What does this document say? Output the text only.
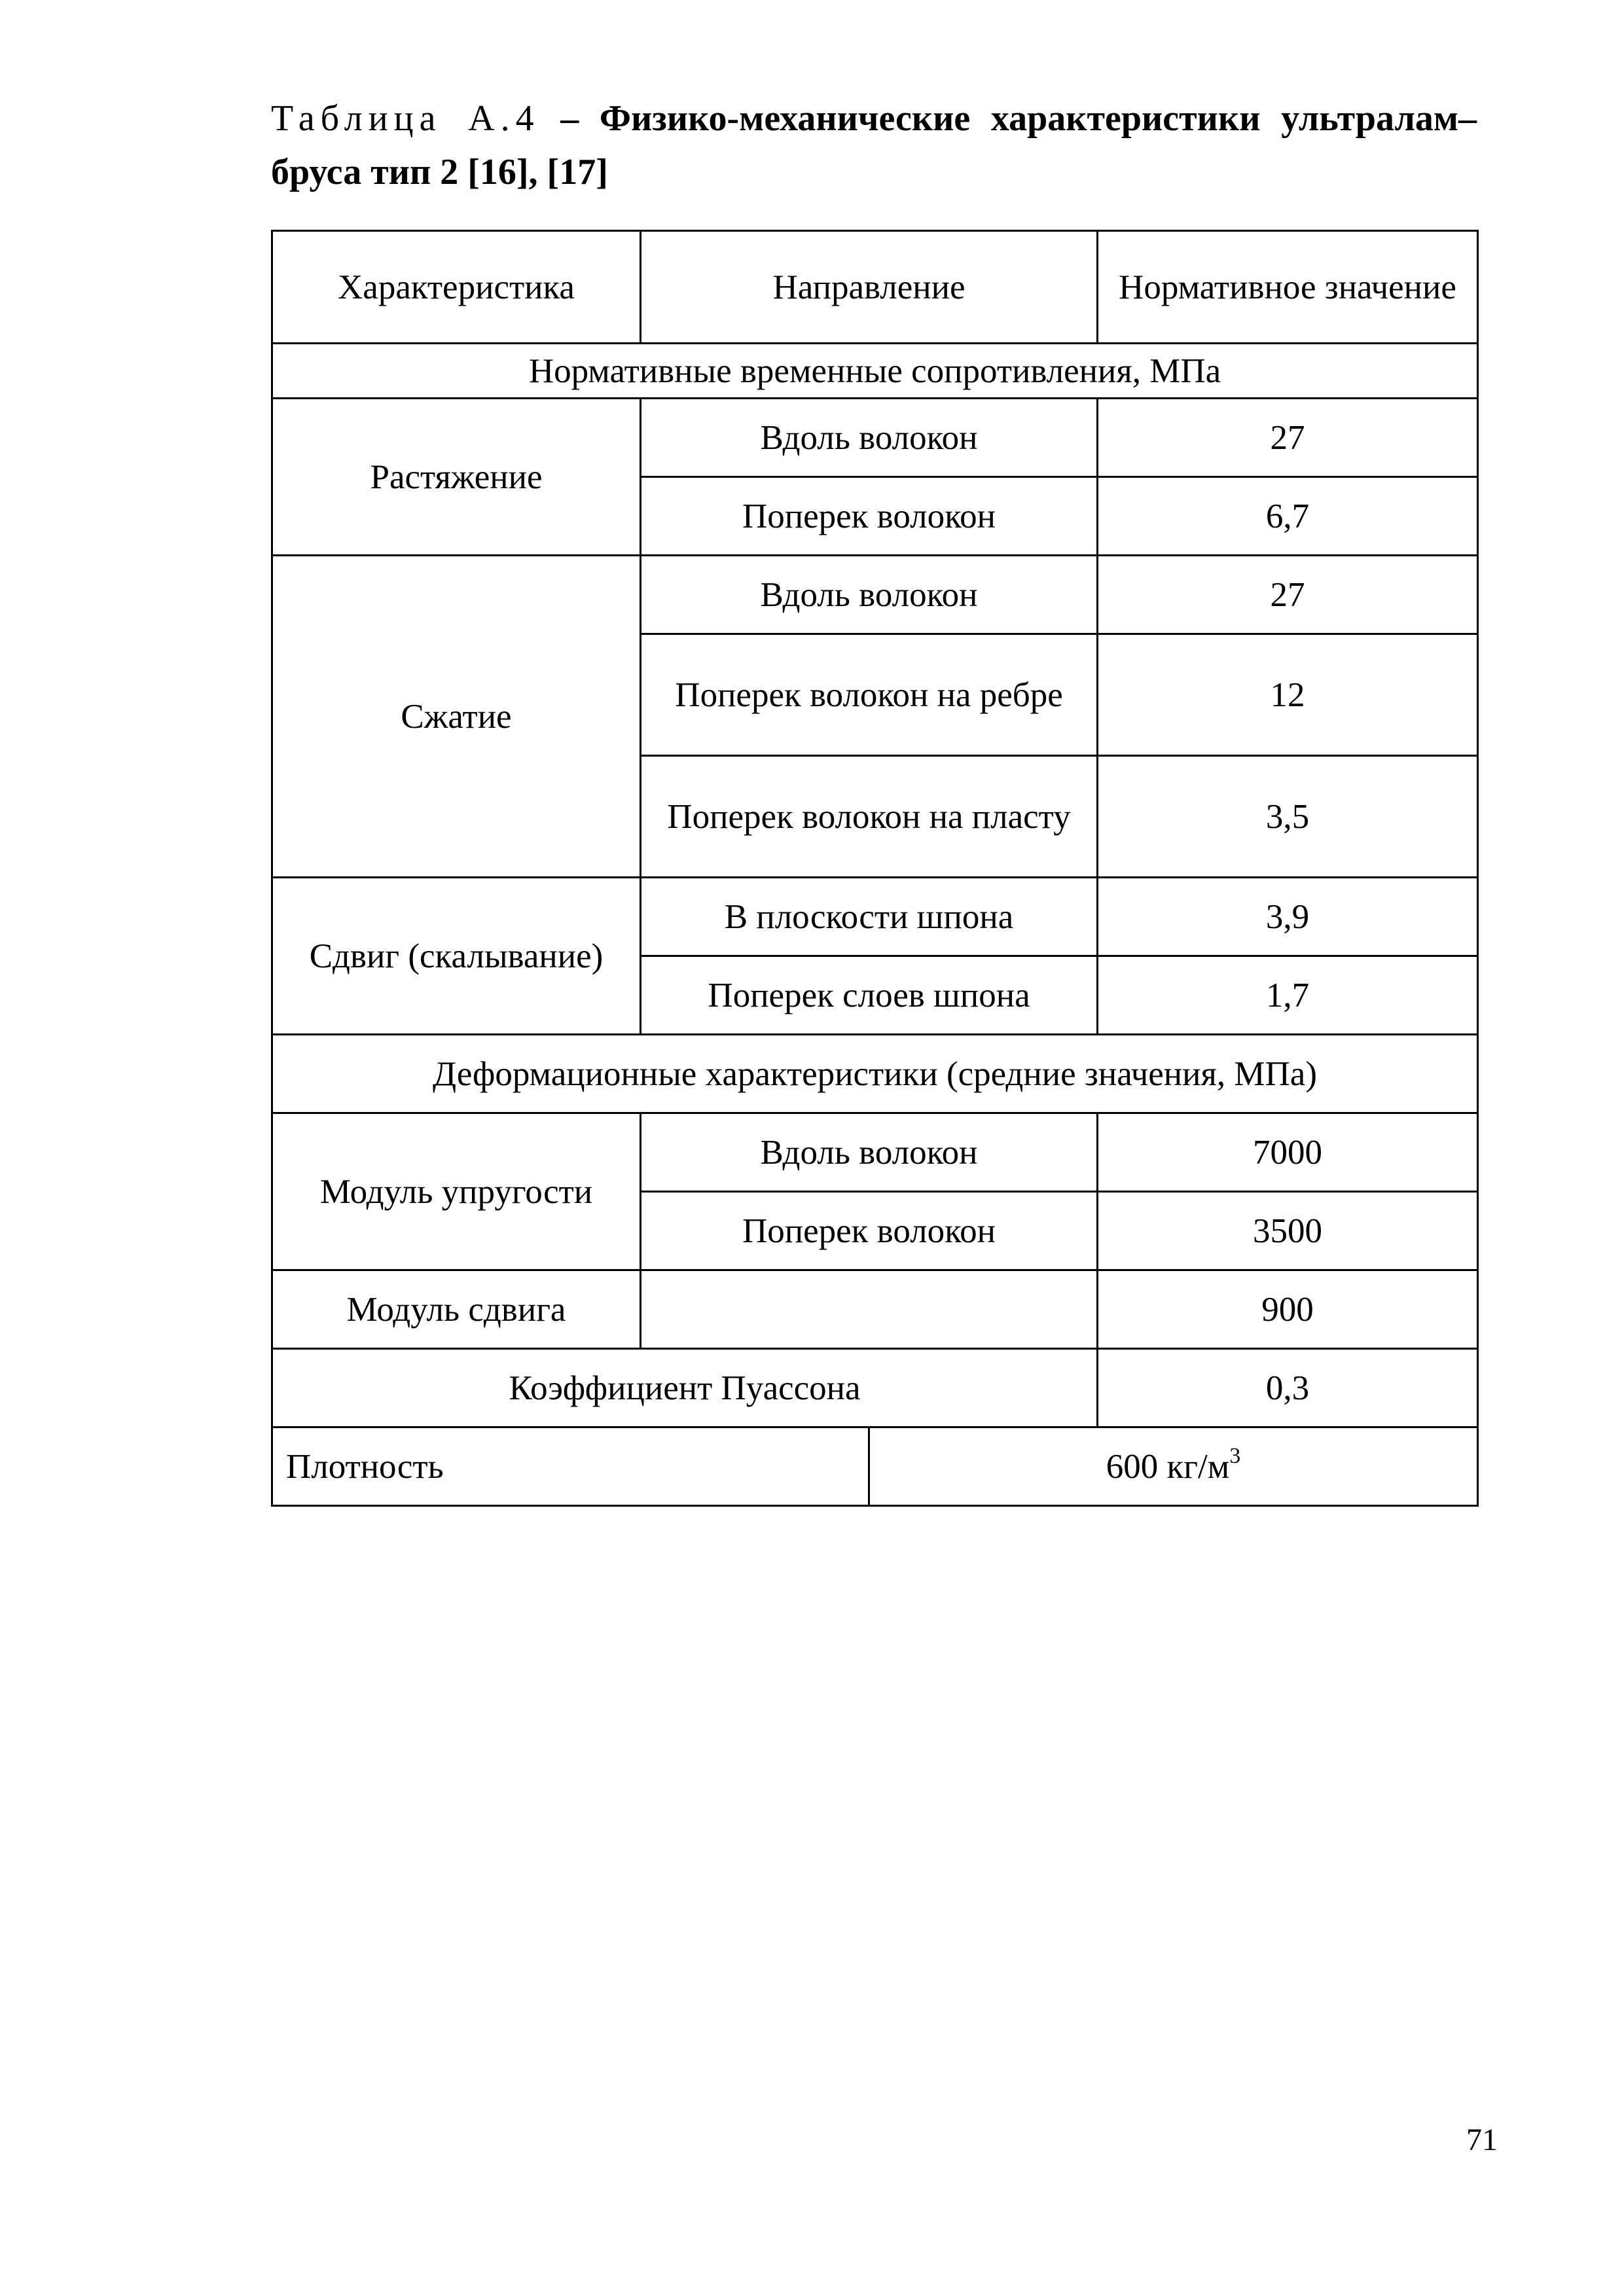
Таблица А.4 – Физико-механические характеристики ультралам–бруса тип 2 [16], [17]
Характеристика	Направление		Нормативное значение
Нормативные временные сопротивления, МПа			
Растяжение	Вдоль волокон		27
	Поперек волокон		6,7
Сжатие	Вдоль волокон		27
	Поперек волокон на ребре		12
	Поперек волокон на пласту		3,5
Сдвиг (скалывание)	В плоскости шпона		3,9
	Поперек слоев шпона		1,7
Деформационные характеристики (средние значения, МПа)			
Модуль упругости	Вдоль волокон		7000
	Поперек волокон		3500
Модуль сдвига			900
Коэффициент Пуассона			0,3
Плотность		600 $кг/м^3$
71
